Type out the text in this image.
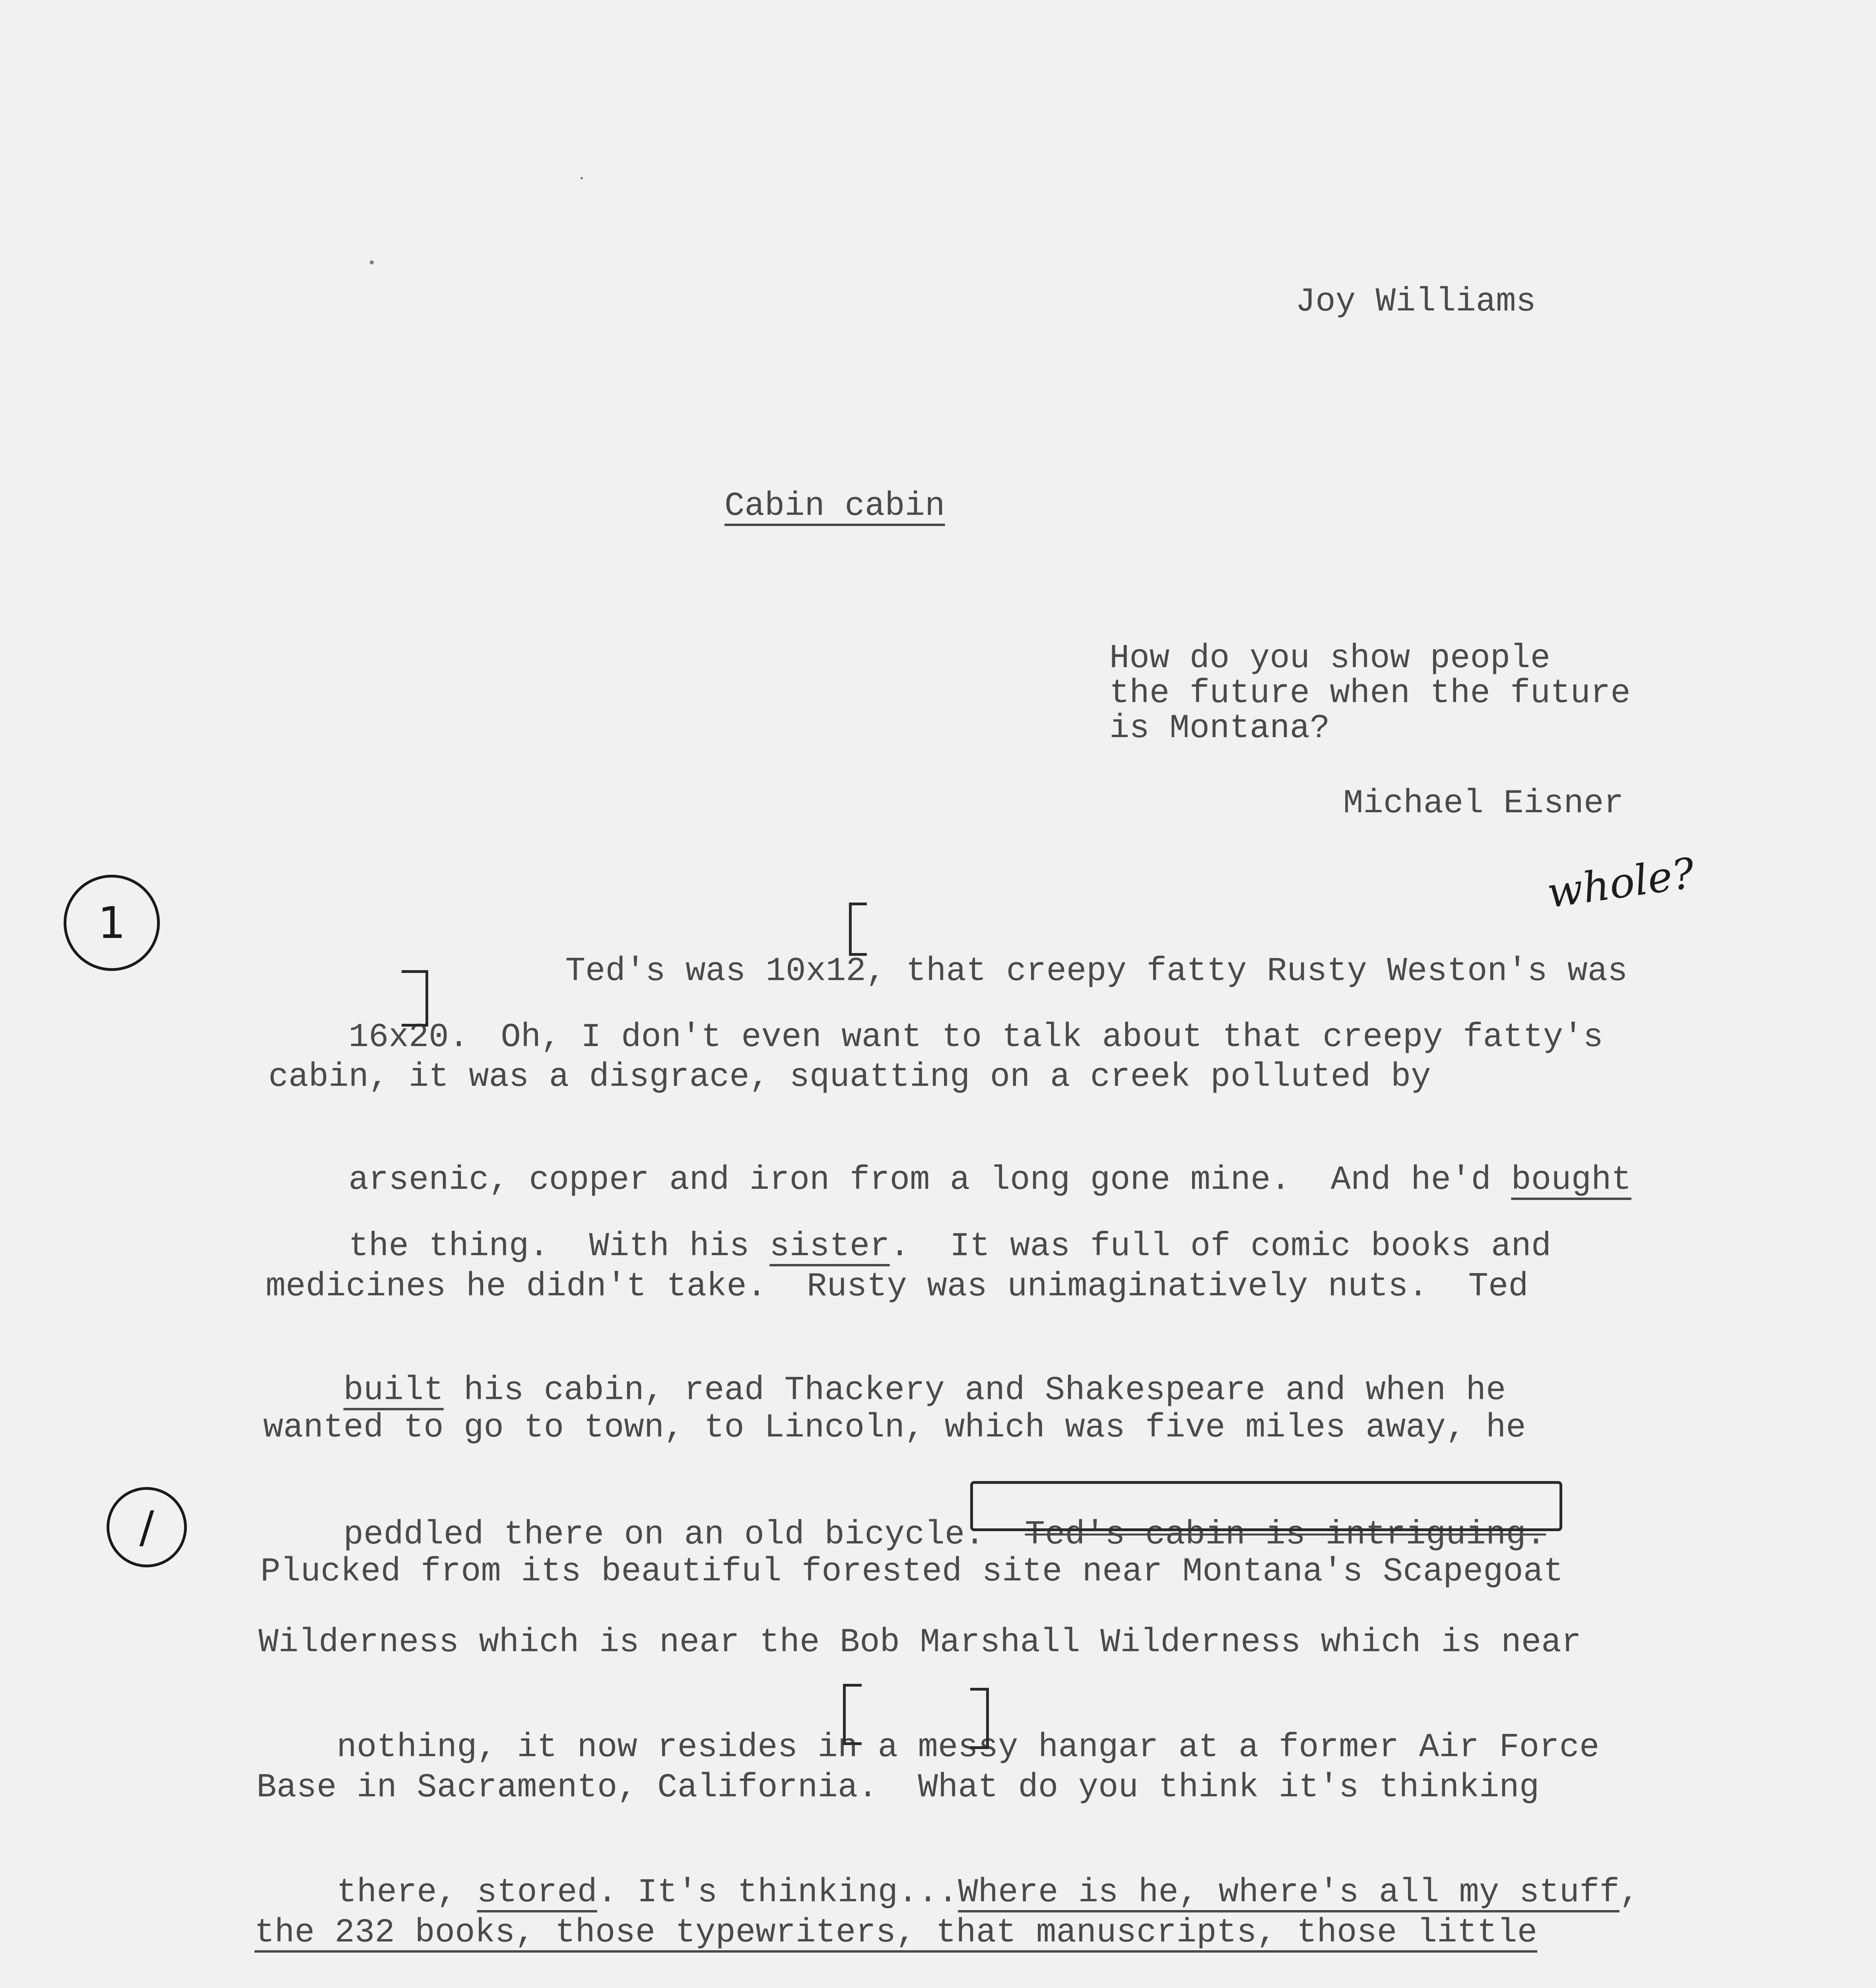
Joy Williams
Cabin cabin
How do you show people
the future when the future
is Montana?
Michael Eisner
1
/
whole?

Ted's was 10x12, that creepy fatty Rusty Weston's was

16x20. Oh, I don't even want to talk about that creepy fatty's

cabin, it was a disgrace, squatting on a creek polluted by

arsenic, copper and iron from a long gone mine.  And he'd bought

the thing.  With his sister.  It was full of comic books and

medicines he didn't take.  Rusty was unimaginatively nuts.  Ted

built his cabin, read Thackery and Shakespeare and when he

wanted to go to town, to Lincoln, which was five miles away, he

peddled there on an old bicycle.  Ted's cabin is intriguing.

Plucked from its beautiful forested site near Montana's Scapegoat
Wilderness which is near the Bob Marshall Wilderness which is near

nothing, it now resides in a messy hangar at a former Air Force

Base in Sacramento, California.  What do you think it's thinking

there, stored. It's thinking...Where is he, where's all my stuff,

the 232 books, those typewriters, that manuscripts, those little
